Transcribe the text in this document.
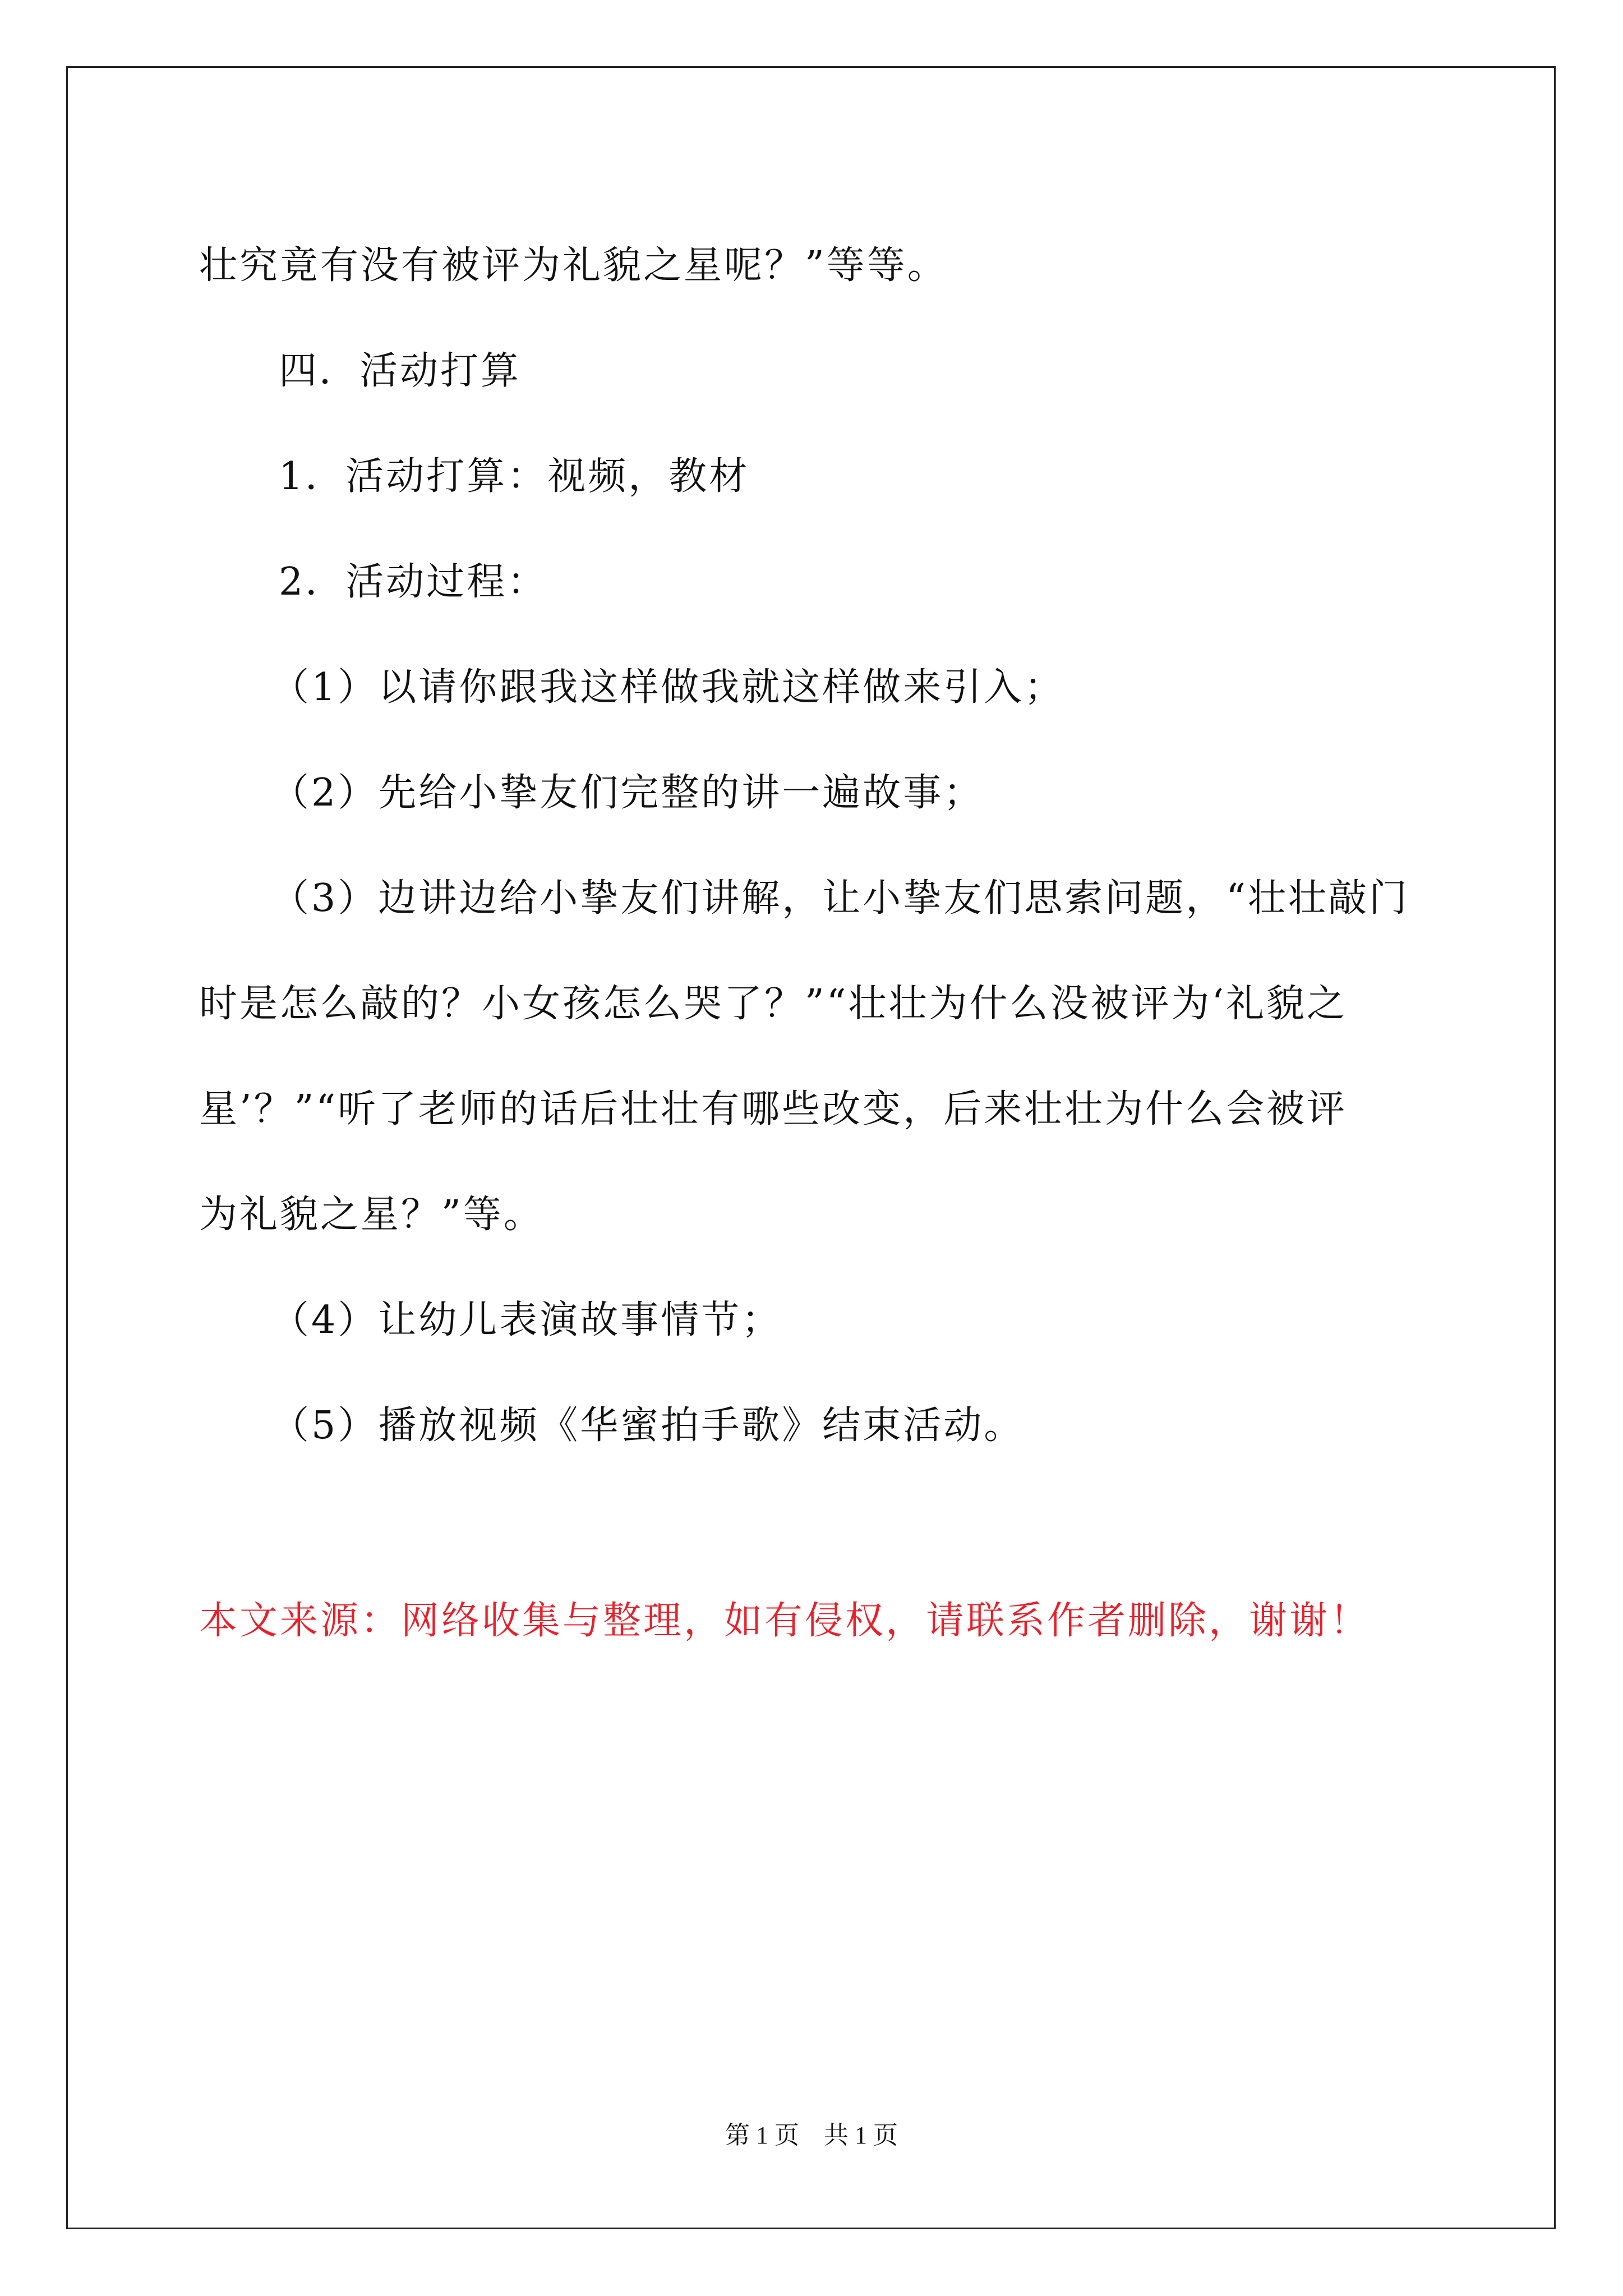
壮究竟有没有被评为礼貌之星呢？”等等。
四．活动打算
1．活动打算：视频，教材
2．活动过程：
（1）以请你跟我这样做我就这样做来引入；
（2）先给小挚友们完整的讲一遍故事；
（3）边讲边给小挚友们讲解，让小挚友们思索问题，“壮壮敲门
时是怎么敲的？小女孩怎么哭了？”“壮壮为什么没被评为‘礼貌之
星’？”“听了老师的话后壮壮有哪些改变，后来壮壮为什么会被评
为礼貌之星？”等。
（4）让幼儿表演故事情节；
（5）播放视频《华蜜拍手歌》结束活动。
本文来源：网络收集与整理，如有侵权，请联系作者删除，谢谢！
第 1 页    共 1 页
